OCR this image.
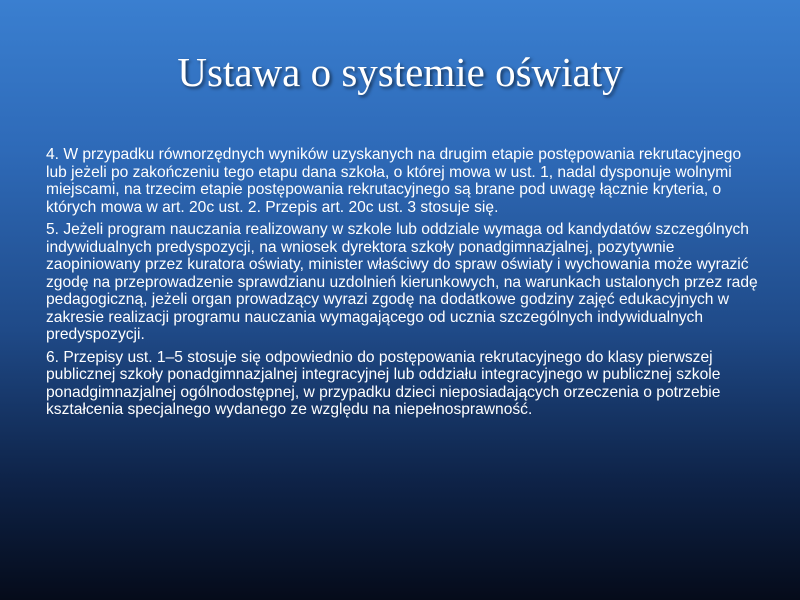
Ustawa o systemie oświaty

4. W przypadku równorzędnych wyników uzyskanych na drugim etapie postępowania rekrutacyjnego lub jeżeli po zakończeniu tego etapu dana szkoła, o której mowa w ust. 1, nadal dysponuje wolnymi miejscami, na trzecim etapie postępowania rekrutacyjnego są brane pod uwagę łącznie kryteria, o których mowa w art. 20c ust. 2. Przepis art. 20c ust. 3 stosuje się.

5. Jeżeli program nauczania realizowany w szkole lub oddziale wymaga od kandydatów szczególnych indywidualnych predyspozycji, na wniosek dyrektora szkoły ponadgimnazjalnej, pozytywnie zaopiniowany przez kuratora oświaty, minister właściwy do spraw oświaty i wychowania może wyrazić zgodę na przeprowadzenie sprawdzianu uzdolnień kierunkowych, na warunkach ustalonych przez radę pedagogiczną, jeżeli organ prowadzący wyrazi zgodę na dodatkowe godziny zajęć edukacyjnych w zakresie realizacji programu nauczania wymagającego od ucznia szczególnych indywidualnych predyspozycji.

6. Przepisy ust. 1–5 stosuje się odpowiednio do postępowania rekrutacyjnego do klasy pierwszej publicznej szkoły ponadgimnazjalnej integracyjnej lub oddziału integracyjnego w publicznej szkole ponadgimnazjalnej ogólnodostępnej, w przypadku dzieci nieposiadających orzeczenia o potrzebie kształcenia specjalnego wydanego ze względu na niepełnosprawność.
